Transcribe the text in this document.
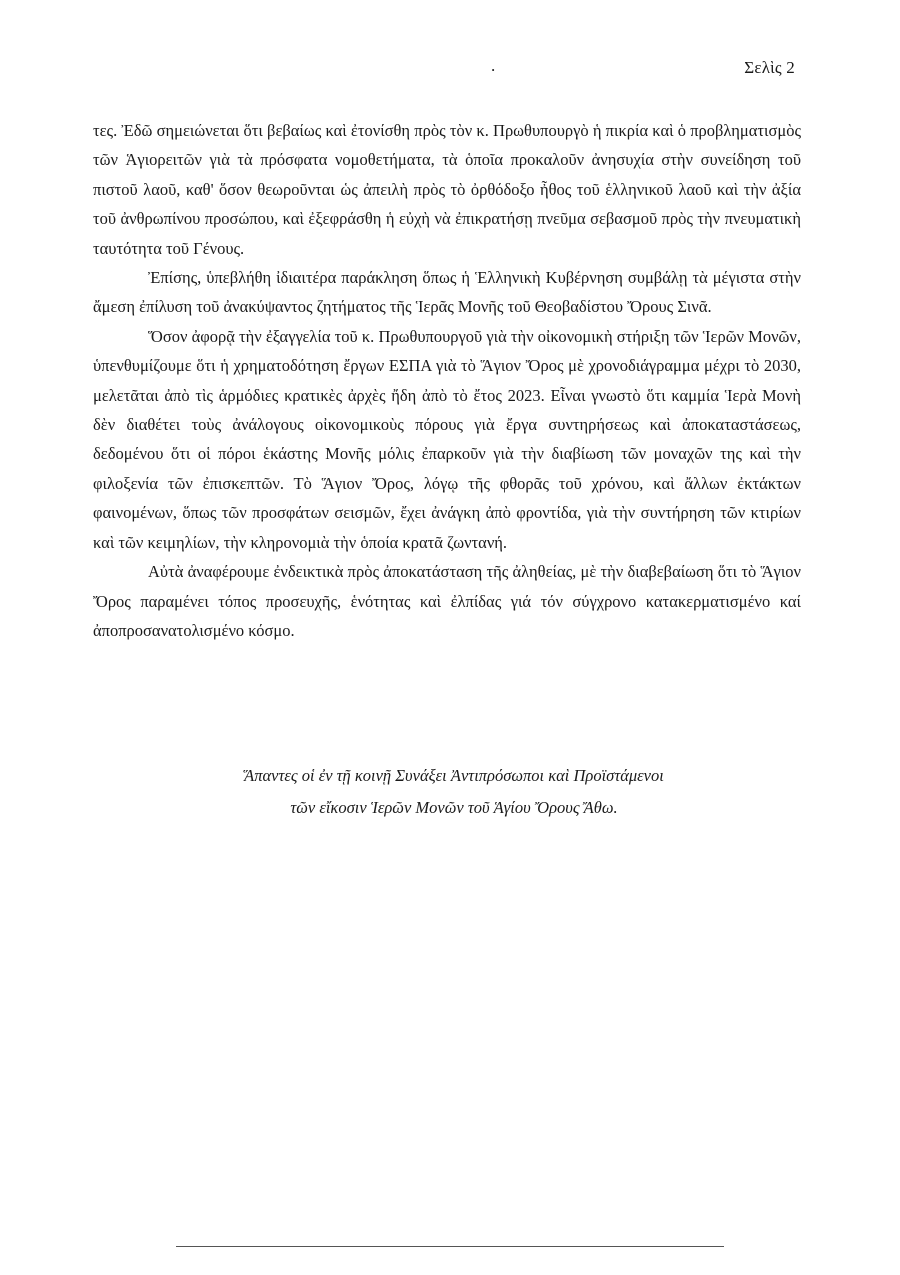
.	Σελὶς 2

τες. Ἐδῶ σημειώνεται ὅτι βεβαίως καὶ ἐτονίσθη πρὸς τὸν κ. Πρωθυπουργὸ ἡ πικρία καὶ ὁ προβληματισμὸς τῶν Ἁγιορειτῶν γιὰ τὰ πρόσφατα νομοθετήματα, τὰ ὁποῖα προκαλοῦν ἀνησυχία στὴν συνείδηση τοῦ πιστοῦ λαοῦ, καθ' ὅσον θεωροῦνται ὡς ἀπειλὴ πρὸς τὸ ὀρθόδοξο ἦθος τοῦ ἑλληνικοῦ λαοῦ καὶ τὴν ἀξία τοῦ ἀνθρωπίνου προσώπου, καὶ ἐξεφράσθη ἡ εὐχὴ νὰ ἐπικρατήσῃ πνεῦμα σεβασμοῦ πρὸς τὴν πνευματικὴ ταυτότητα τοῦ Γένους.

Ἐπίσης, ὑπεβλήθη ἰδιαιτέρα παράκληση ὅπως ἡ Ἑλληνικὴ Κυβέρνηση συμβάλῃ τὰ μέγιστα στὴν ἄμεση ἐπίλυση τοῦ ἀνακύψαντος ζητήματος τῆς Ἱερᾶς Μονῆς τοῦ Θεοβαδίστου Ὄρους Σινᾶ.

Ὅσον ἀφορᾷ τὴν ἐξαγγελία τοῦ κ. Πρωθυπουργοῦ γιὰ τὴν οἰκονομικὴ στήριξη τῶν Ἱερῶν Μονῶν, ὑπενθυμίζουμε ὅτι ἡ χρηματοδότηση ἔργων ΕΣΠΑ γιὰ τὸ Ἅγιον Ὄρος μὲ χρονοδιάγραμμα μέχρι τὸ 2030, μελετᾶται ἀπὸ τὶς ἁρμόδιες κρατικὲς ἀρχὲς ἤδη ἀπὸ τὸ ἔτος 2023. Εἶναι γνωστὸ ὅτι καμμία Ἱερὰ Μονὴ δὲν διαθέτει τοὺς ἀνάλογους οἰκονομικοὺς πόρους γιὰ ἔργα συντηρήσεως καὶ ἀποκαταστάσεως, δεδομένου ὅτι οἱ πόροι ἑκάστης Μονῆς μόλις ἐπαρκοῦν γιὰ τὴν διαβίωση τῶν μοναχῶν της καὶ τὴν φιλοξενία τῶν ἐπισκεπτῶν. Τὸ Ἅγιον Ὄρος, λόγῳ τῆς φθορᾶς τοῦ χρόνου, καὶ ἄλλων ἐκτάκτων φαινομένων, ὅπως τῶν προσφάτων σεισμῶν, ἔχει ἀνάγκη ἀπὸ φροντίδα, γιὰ τὴν συντήρηση τῶν κτιρίων καὶ τῶν κειμηλίων, τὴν κληρονομιὰ τὴν ὁποία κρατᾶ ζωντανή.

Αὐτὰ ἀναφέρουμε ἐνδεικτικὰ πρὸς ἀποκατάσταση τῆς ἀληθείας, μὲ τὴν διαβεβαίωση ὅτι τὸ Ἅγιον Ὄρος παραμένει τόπος προσευχῆς, ἑνότητας καὶ ἐλπίδας γιά τόν σύγχρονο κατακερματισμένο καί ἀποπροσανατολισμένο κόσμο.

Ἅπαντες οἱ ἐν τῇ κοινῇ Συνάξει Ἀντιπρόσωποι καὶ Προϊστάμενοι
τῶν εἴκοσιν Ἱερῶν Μονῶν τοῦ Ἁγίου Ὄρους Ἄθω.
